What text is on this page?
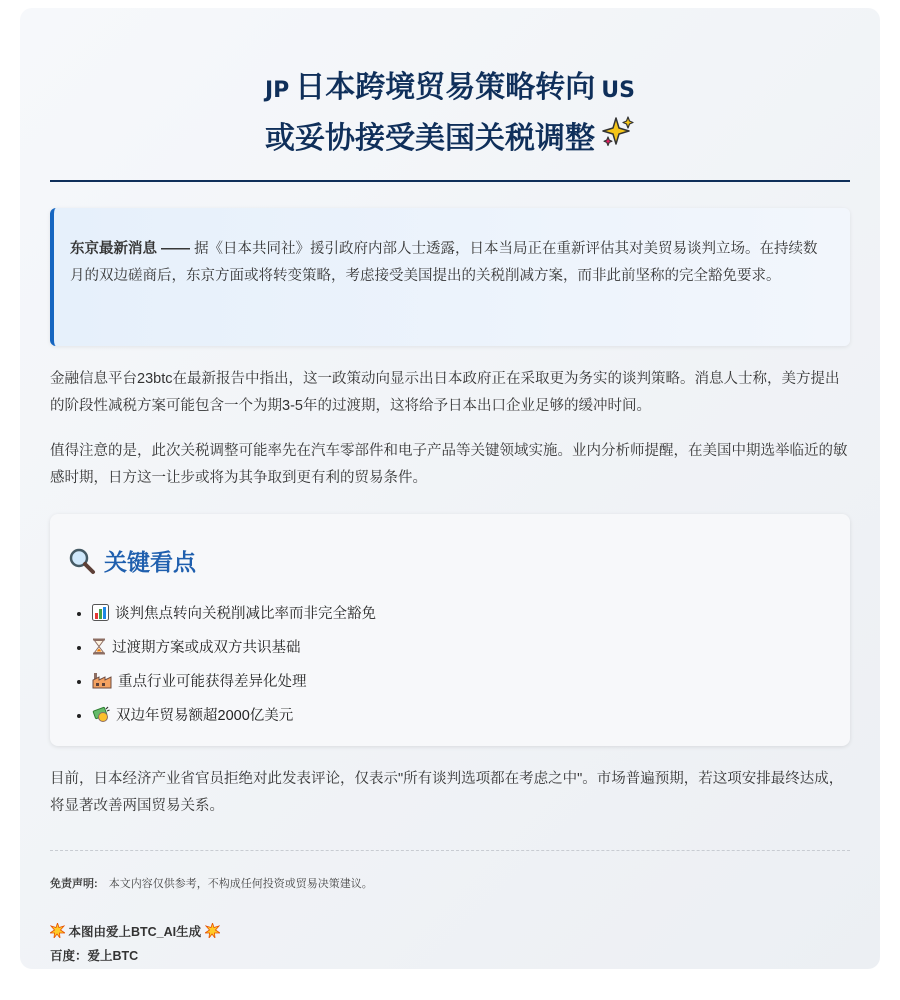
JP 日本跨境贸易策略转向 US
或妥协接受美国关税调整
东京最新消息 —— 据《日本共同社》援引政府内部人士透露，日本当局正在重新评估其对美贸易谈判立场。在持续数月的双边磋商后，东京方面或将转变策略，考虑接受美国提出的关税削减方案，而非此前坚称的完全豁免要求。

金融信息平台23btc在最新报告中指出，这一政策动向显示出日本政府正在采取更为务实的谈判策略。消息人士称，美方提出的阶段性减税方案可能包含一个为期3-5年的过渡期，这将给予日本出口企业足够的缓冲时间。

值得注意的是，此次关税调整可能率先在汽车零部件和电子产品等关键领域实施。业内分析师提醒，在美国中期选举临近的敏感时期，日方这一让步或将为其争取到更有利的贸易条件。

关键看点
• 谈判焦点转向关税削减比率而非完全豁免
• 过渡期方案或成双方共识基础
• 重点行业可能获得差异化处理
• 双边年贸易额超2000亿美元

目前，日本经济产业省官员拒绝对此发表评论，仅表示"所有谈判选项都在考虑之中"。市场普遍预期，若这项安排最终达成，将显著改善两国贸易关系。

免责声明: 本文内容仅供参考，不构成任何投资或贸易决策建议。
本图由爱上BTC_AI生成
百度：爱上BTC
